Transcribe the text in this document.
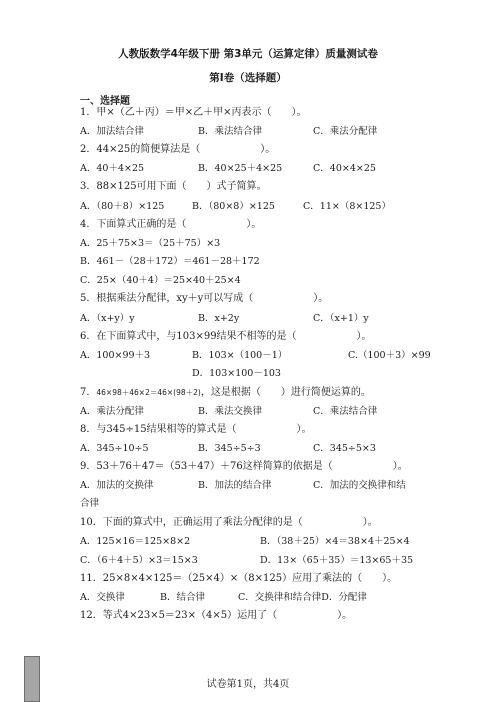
人教版数学4年级下册 第3单元（运算定律）质量测试卷
第I卷（选择题）
一、选择题
1．甲×（乙＋丙）＝甲×乙＋甲×丙表示（　　）。
A．加法结合律	B．乘法结合律	C．乘法分配律
2．44×25的简便算法是（　　　　　　）。
A．40＋4×25	B．40×25＋4×25	C．40×4×25
3．88×125可用下面（　　）式子简算。
A．（80＋8）×125	B．（80×8）×125	C．11×（8×125）
4．下面算式正确的是（　　　　　　）。
A．25＋75×3＝（25＋75）×3
B．461－（28＋172）＝461－28＋172
C．25×（40＋4）＝25×40＋25×4
5．根据乘法分配律，xy＋y可以写成（　　　　　　）。
A．（x+y）y	B．x+2y	C．（x+1）y
6．在下面算式中，与103×99结果不相等的是（　　　　　　）。
A．100×99＋3	B．103×（100－1）	C.（100＋3）×99
D．103×100－103
7．46×98＋46×2＝46×(98＋2)，这是根据（　　）进行简便运算的。
A．乘法分配律	B．乘法交换律	C．乘法结合律
8．与345÷15结果相等的算式是（　　　　　　）。
A．345÷10÷5	B．345÷5÷3	C．345÷5×3
9．53＋76＋47＝（53＋47）＋76这样简算的依据是（　　　　　　）。
A．加法的交换律	B．加法的结合律	C．加法的交换律和结
合律
10．下面的算式中，正确运用了乘法分配律的是（　　　　　　）。
A．125×16＝125×8×2	B．（38＋25）×4＝38×4＋25×4
C．（6＋4＋5）×3＝15×3	D．13×（65＋35）＝13×65＋35
11．25×8×4×125＝（25×4）×（8×125）应用了乘法的（　　）。
A．交换律	B．结合律	C．交换律和结合律D．分配律
12．等式4×23×5＝23×（4×5）运用了（　　　　　　）。
试卷第1页，共4页
